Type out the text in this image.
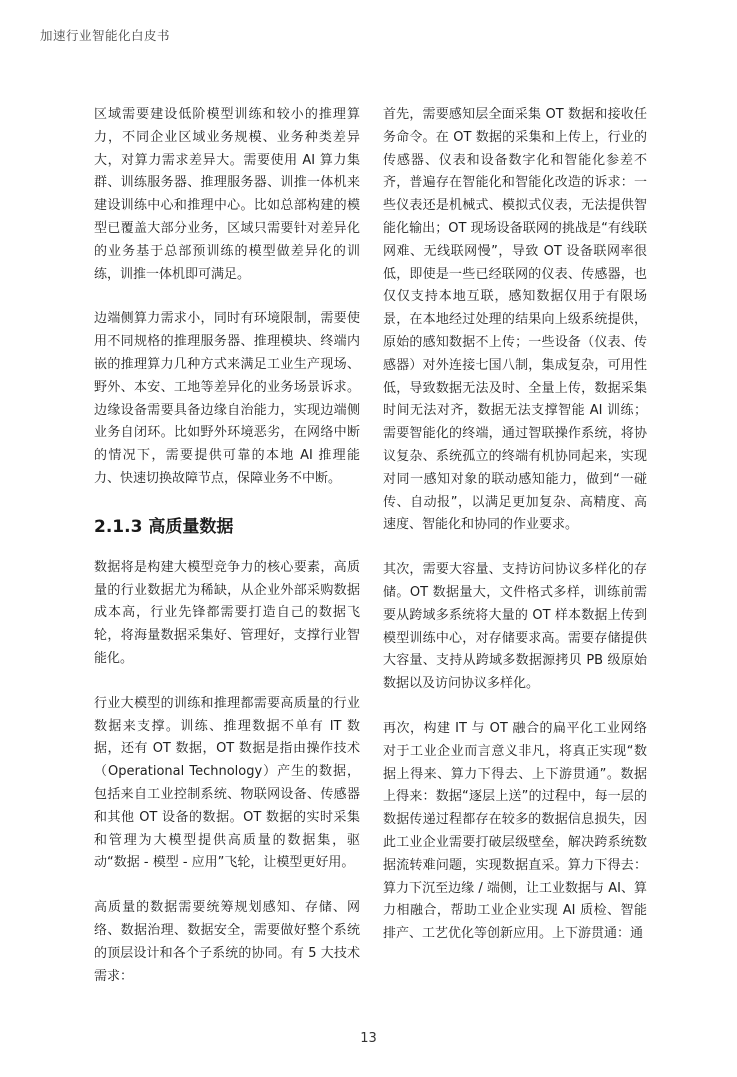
加速行业智能化白皮书

区域需要建设低阶模型训练和较小的推理算力，不同企业区域业务规模、业务种类差异大，对算力需求差异大。需要使用 AI 算力集群、训练服务器、推理服务器、训推一体机来建设训练中心和推理中心。比如总部构建的模型已覆盖大部分业务，区域只需要针对差异化的业务基于总部预训练的模型做差异化的训练，训推一体机即可满足。

边端侧算力需求小，同时有环境限制，需要使用不同规格的推理服务器、推理模块、终端内嵌的推理算力几种方式来满足工业生产现场、野外、本安、工地等差异化的业务场景诉求。边缘设备需要具备边缘自治能力，实现边端侧业务自闭环。比如野外环境恶劣，在网络中断的情况下，需要提供可靠的本地 AI 推理能力、快速切换故障节点，保障业务不中断。

2.1.3 高质量数据

数据将是构建大模型竞争力的核心要素，高质量的行业数据尤为稀缺，从企业外部采购数据成本高，行业先锋都需要打造自己的数据飞轮，将海量数据采集好、管理好，支撑行业智能化。

行业大模型的训练和推理都需要高质量的行业数据来支撑。训练、推理数据不单有 IT 数据，还有 OT 数据，OT 数据是指由操作技术（Operational Technology）产生的数据，包括来自工业控制系统、物联网设备、传感器和其他 OT 设备的数据。OT 数据的实时采集和管理为大模型提供高质量的数据集，驱动“数据 - 模型 - 应用”飞轮，让模型更好用。

高质量的数据需要统筹规划感知、存储、网络、数据治理、数据安全，需要做好整个系统的顶层设计和各个子系统的协同。有 5 大技术需求：

首先，需要感知层全面采集 OT 数据和接收任务命令。在 OT 数据的采集和上传上，行业的传感器、仪表和设备数字化和智能化参差不齐，普遍存在智能化和智能化改造的诉求：一些仪表还是机械式、模拟式仪表，无法提供智能化输出；OT 现场设备联网的挑战是“有线联网难、无线联网慢”，导致 OT 设备联网率很低，即使是一些已经联网的仪表、传感器，也仅仅支持本地互联，感知数据仅用于有限场景，在本地经过处理的结果向上级系统提供，原始的感知数据不上传；一些设备（仪表、传感器）对外连接七国八制，集成复杂，可用性低，导致数据无法及时、全量上传，数据采集时间无法对齐，数据无法支撑智能 AI 训练；需要智能化的终端，通过智联操作系统，将协议复杂、系统孤立的终端有机协同起来，实现对同一感知对象的联动感知能力，做到“一碰传、自动报”，以满足更加复杂、高精度、高速度、智能化和协同的作业要求。

其次，需要大容量、支持访问协议多样化的存储。OT 数据量大，文件格式多样，训练前需要从跨域多系统将大量的 OT 样本数据上传到模型训练中心，对存储要求高。需要存储提供大容量、支持从跨域多数据源拷贝 PB 级原始数据以及访问协议多样化。

再次，构建 IT 与 OT 融合的扁平化工业网络对于工业企业而言意义非凡，将真正实现“数据上得来、算力下得去、上下游贯通”。数据上得来：数据“逐层上送”的过程中，每一层的数据传递过程都存在较多的数据信息损失，因此工业企业需要打破层级壁垒，解决跨系统数据流转难问题，实现数据直采。算力下得去：算力下沉至边缘 / 端侧，让工业数据与 AI、算力相融合，帮助工业企业实现 AI 质检、智能排产、工艺优化等创新应用。上下游贯通：通

13
